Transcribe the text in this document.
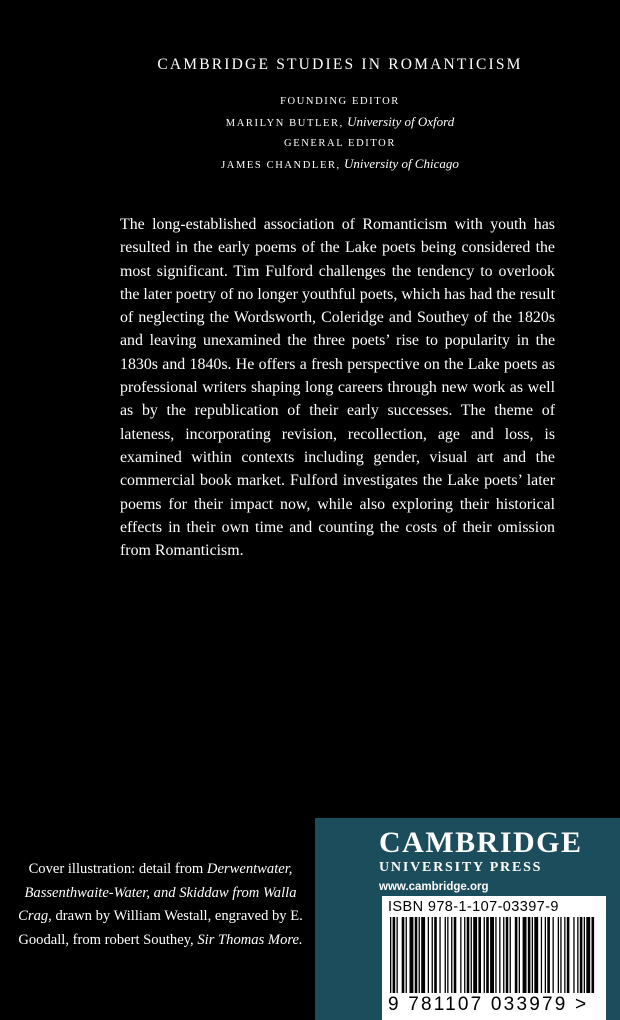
CAMBRIDGE STUDIES IN ROMANTICISM
FOUNDING EDITOR
MARILYN BUTLER, University of Oxford
GENERAL EDITOR
JAMES CHANDLER, University of Chicago

The long-established association of Romanticism with youth has resulted in the early poems of the Lake poets being considered the most significant. Tim Fulford challenges the tendency to overlook the later poetry of no longer youthful poets, which has had the result of neglecting the Wordsworth, Coleridge and Southey of the 1820s and leaving unexamined the three poets’ rise to popularity in the 1830s and 1840s. He offers a fresh perspective on the Lake poets as professional writers shaping long careers through new work as well as by the republication of their early successes. The theme of lateness, incorporating revision, recollection, age and loss, is examined within contexts including gender, visual art and the commercial book market. Fulford investigates the Lake poets’ later poems for their impact now, while also exploring their historical effects in their own time and counting the costs of their omission from Romanticism.

Cover illustration: detail from Derwentwater, Bassenthwaite-Water, and Skiddaw from Walla Crag, drawn by William Westall, engraved by E. Goodall, from robert Southey, Sir Thomas More.
CAMBRIDGE
UNIVERSITY PRESS
www.cambridge.org
ISBN 978-1-107-03397-9
9 781107 033979 >
